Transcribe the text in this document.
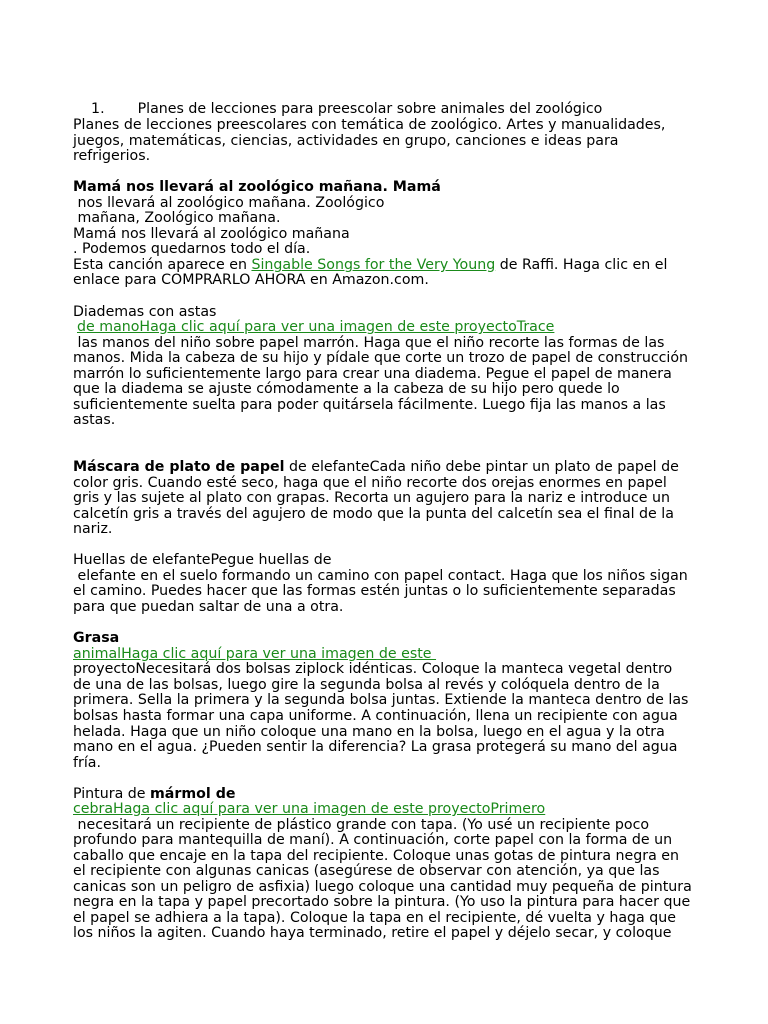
1. Planes de lecciones para preescolar sobre animales del zoológico

Planes de lecciones preescolares con temática de zoológico. Artes y manualidades,
juegos, matemáticas, ciencias, actividades en grupo, canciones e ideas para
refrigerios.
Mamá nos llevará al zoológico mañana. Mamá
nos llevará al zoológico mañana. Zoológico
mañana, Zoológico mañana.
Mamá nos llevará al zoológico mañana
. Podemos quedarnos todo el día.
Esta canción aparece en Singable Songs for the Very Young de Raffi. Haga clic en el
enlace para COMPRARLO AHORA en Amazon.com.
Diademas con astas
de manoHaga clic aquí para ver una imagen de este proyectoTrace
las manos del niño sobre papel marrón. Haga que el niño recorte las formas de las
manos. Mida la cabeza de su hijo y pídale que corte un trozo de papel de construcción
marrón lo suficientemente largo para crear una diadema. Pegue el papel de manera
que la diadema se ajuste cómodamente a la cabeza de su hijo pero quede lo
suficientemente suelta para poder quitársela fácilmente. Luego fija las manos a las
astas.
Máscara de plato de papel de elefanteCada niño debe pintar un plato de papel de
color gris. Cuando esté seco, haga que el niño recorte dos orejas enormes en papel
gris y las sujete al plato con grapas. Recorta un agujero para la nariz e introduce un
calcetín gris a través del agujero de modo que la punta del calcetín sea el final de la
nariz.
Huellas de elefantePegue huellas de
elefante en el suelo formando un camino con papel contact. Haga que los niños sigan
el camino. Puedes hacer que las formas estén juntas o lo suficientemente separadas
para que puedan saltar de una a otra.
Grasa
animalHaga clic aquí para ver una imagen de este
proyectoNecesitará dos bolsas ziplock idénticas. Coloque la manteca vegetal dentro
de una de las bolsas, luego gire la segunda bolsa al revés y colóquela dentro de la
primera. Sella la primera y la segunda bolsa juntas. Extiende la manteca dentro de las
bolsas hasta formar una capa uniforme. A continuación, llena un recipiente con agua
helada. Haga que un niño coloque una mano en la bolsa, luego en el agua y la otra
mano en el agua. ¿Pueden sentir la diferencia? La grasa protegerá su mano del agua
fría.
Pintura de mármol de
cebraHaga clic aquí para ver una imagen de este proyectoPrimero
necesitará un recipiente de plástico grande con tapa. (Yo usé un recipiente poco
profundo para mantequilla de maní). A continuación, corte papel con la forma de un
caballo que encaje en la tapa del recipiente. Coloque unas gotas de pintura negra en
el recipiente con algunas canicas (asegúrese de observar con atención, ya que las
canicas son un peligro de asfixia) luego coloque una cantidad muy pequeña de pintura
negra en la tapa y papel precortado sobre la pintura. (Yo uso la pintura para hacer que
el papel se adhiera a la tapa). Coloque la tapa en el recipiente, dé vuelta y haga que
los niños la agiten. Cuando haya terminado, retire el papel y déjelo secar, y coloque
